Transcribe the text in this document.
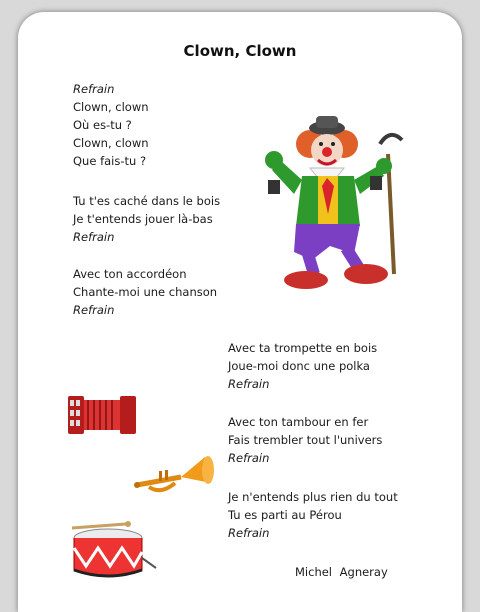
Clown, Clown
Refrain
Clown, clown
Où es-tu ?
Clown, clown
Que fais-tu ?
Tu t'es caché dans le bois
Je t'entends jouer là-bas
Refrain
Avec ton accordéon
Chante-moi une chanson
Refrain
Avec ta trompette en bois
Joue-moi donc une polka
Refrain
Avec ton tambour en fer
Fais trembler tout l'univers
Refrain
Je n'entends plus rien du tout
Tu es parti au Pérou
Refrain
Michel Agneray
